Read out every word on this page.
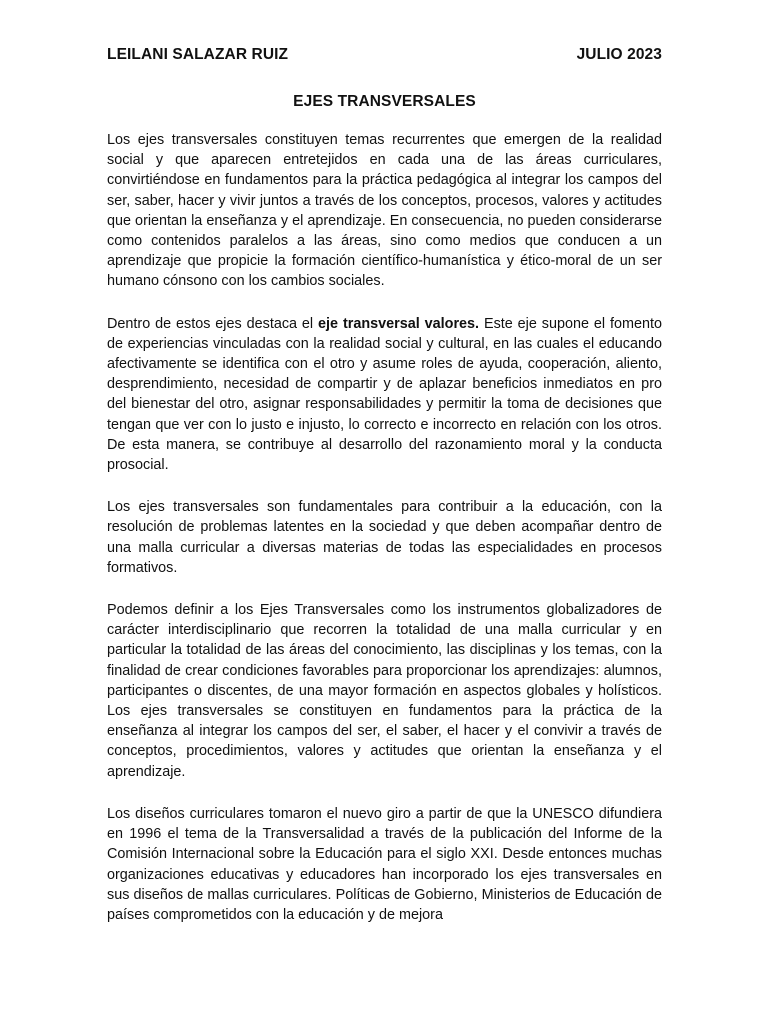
LEILANI SALAZAR RUIZ	JULIO 2023
EJES TRANSVERSALES

Los ejes transversales constituyen temas recurrentes que emergen de la realidad social y que aparecen entretejidos en cada una de las áreas curriculares, convirtiéndose en fundamentos para la práctica pedagógica al integrar los campos del ser, saber, hacer y vivir juntos a través de los conceptos, procesos, valores y actitudes que orientan la enseñanza y el aprendizaje. En consecuencia, no pueden considerarse como contenidos paralelos a las áreas, sino como medios que conducen a un aprendizaje que propicie la formación científico-humanística y ético-moral de un ser humano cónsono con los cambios sociales.

Dentro de estos ejes destaca el eje transversal valores. Este eje supone el fomento de experiencias vinculadas con la realidad social y cultural, en las cuales el educando afectivamente se identifica con el otro y asume roles de ayuda, cooperación, aliento, desprendimiento, necesidad de compartir y de aplazar beneficios inmediatos en pro del bienestar del otro, asignar responsabilidades y permitir la toma de decisiones que tengan que ver con lo justo e injusto, lo correcto e incorrecto en relación con los otros. De esta manera, se contribuye al desarrollo del razonamiento moral y la conducta prosocial.

Los ejes transversales son fundamentales para contribuir a la educación, con la resolución de problemas latentes en la sociedad y que deben acompañar dentro de una malla curricular a diversas materias de todas las especialidades en procesos formativos.

Podemos definir a los Ejes Transversales como los instrumentos globalizadores de carácter interdisciplinario que recorren la totalidad de una malla curricular y en particular la totalidad de las áreas del conocimiento, las disciplinas y los temas, con la finalidad de crear condiciones favorables para proporcionar los aprendizajes: alumnos, participantes o discentes, de una mayor formación en aspectos globales y holísticos. Los ejes transversales se constituyen en fundamentos para la práctica de la enseñanza al integrar los campos del ser, el saber, el hacer y el convivir a través de conceptos, procedimientos, valores y actitudes que orientan la enseñanza y el aprendizaje.

Los diseños curriculares tomaron el nuevo giro a partir de que la UNESCO difundiera en 1996 el tema de la Transversalidad a través de la publicación del Informe de la Comisión Internacional sobre la Educación para el siglo XXI. Desde entonces muchas organizaciones educativas y educadores han incorporado los ejes transversales en sus diseños de mallas curriculares. Políticas de Gobierno, Ministerios de Educación de países comprometidos con la educación y de mejora
